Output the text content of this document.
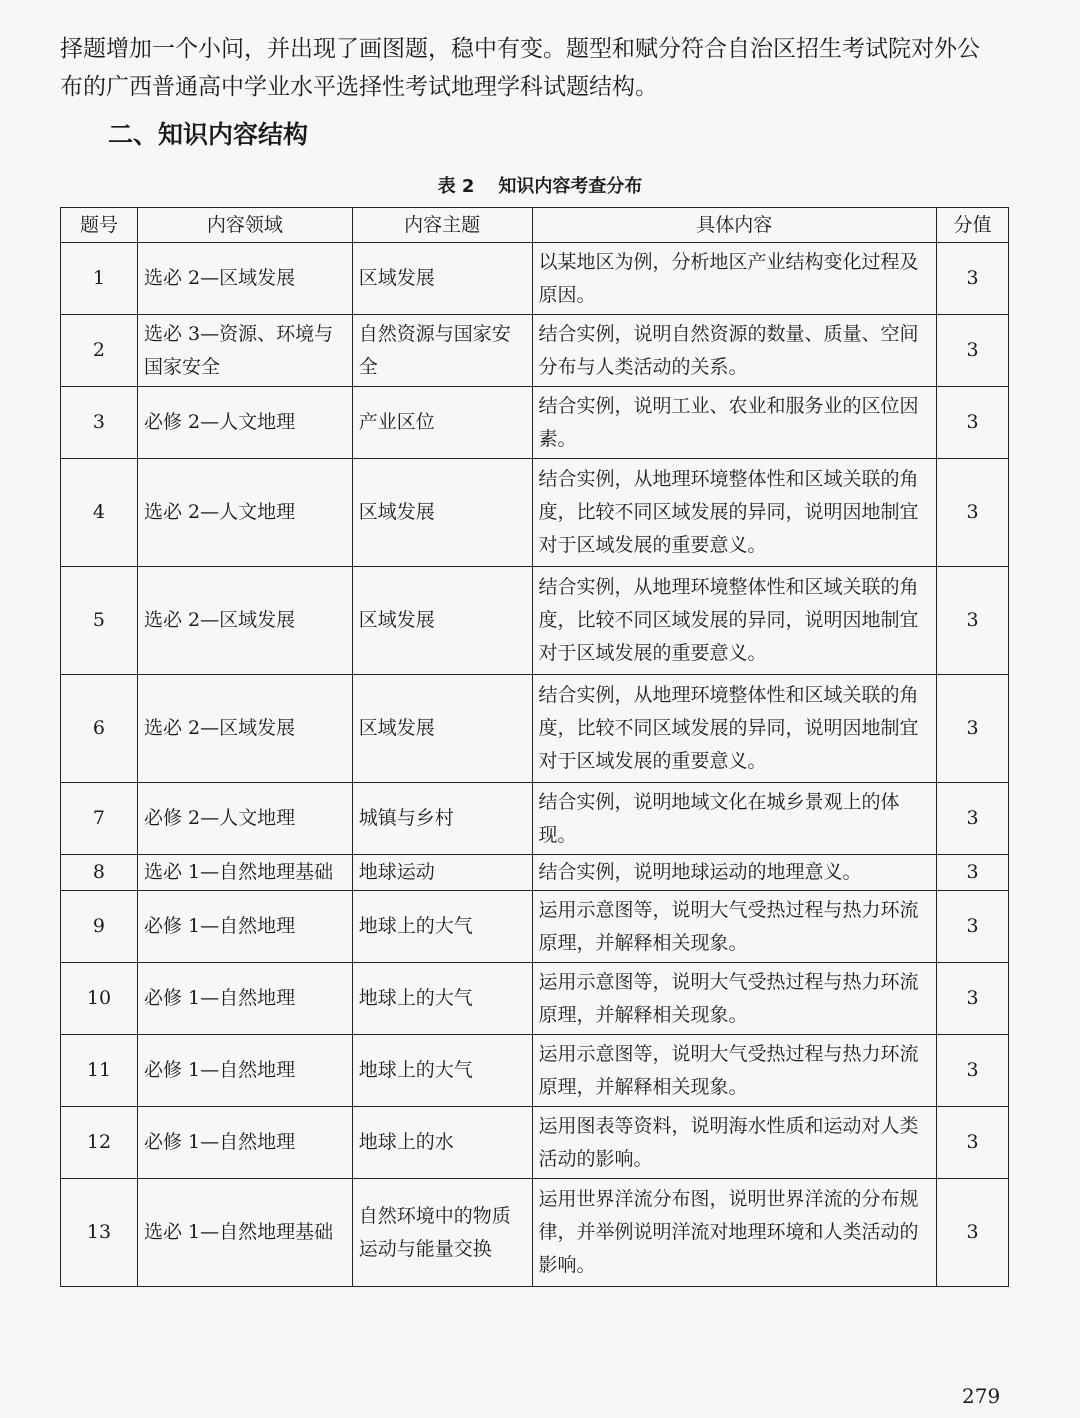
择题增加一个小问，并出现了画图题，稳中有变。题型和赋分符合自治区招生考试院对外公

布的广西普通高中学业水平选择性考试地理学科试题结构。

二、知识内容结构
表 2 知识内容考查分布
题号	内容领域	内容主题	具体内容	分值
1	选必 2—区域发展	区域发展	以某地区为例，分析地区产业结构变化过程及原因。	3
2	选必 3—资源、环境与国家安全	自然资源与国家安全	结合实例，说明自然资源的数量、质量、空间分布与人类活动的关系。	3
3	必修 2—人文地理	产业区位	结合实例，说明工业、农业和服务业的区位因素。	3
4	选必 2—人文地理	区域发展	结合实例，从地理环境整体性和区域关联的角度，比较不同区域发展的异同，说明因地制宜对于区域发展的重要意义。	3
5	选必 2—区域发展	区域发展	结合实例，从地理环境整体性和区域关联的角度，比较不同区域发展的异同，说明因地制宜对于区域发展的重要意义。	3
6	选必 2—区域发展	区域发展	结合实例，从地理环境整体性和区域关联的角度，比较不同区域发展的异同，说明因地制宜对于区域发展的重要意义。	3
7	必修 2—人文地理	城镇与乡村	结合实例，说明地域文化在城乡景观上的体现。	3
8	选必 1—自然地理基础	地球运动	结合实例，说明地球运动的地理意义。	3
9	必修 1—自然地理	地球上的大气	运用示意图等，说明大气受热过程与热力环流原理，并解释相关现象。	3
10	必修 1—自然地理	地球上的大气	运用示意图等，说明大气受热过程与热力环流原理，并解释相关现象。	3
11	必修 1—自然地理	地球上的大气	运用示意图等，说明大气受热过程与热力环流原理，并解释相关现象。	3
12	必修 1—自然地理	地球上的水	运用图表等资料，说明海水性质和运动对人类活动的影响。	3
13	选必 1—自然地理基础	自然环境中的物质运动与能量交换	运用世界洋流分布图，说明世界洋流的分布规律，并举例说明洋流对地理环境和人类活动的影响。	3
279
